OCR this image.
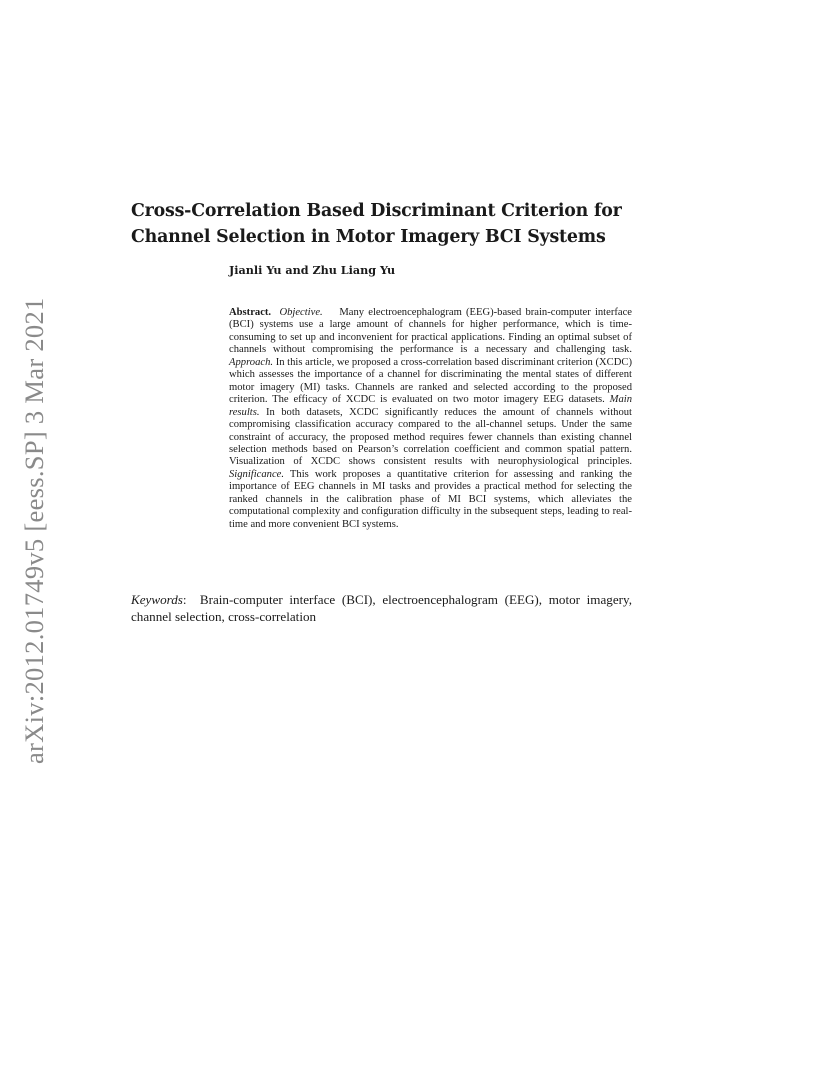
arXiv:2012.01749v5 [eess.SP] 3 Mar 2021
Cross-Correlation Based Discriminant Criterion for
Channel Selection in Motor Imagery BCI Systems

Jianli Yu and Zhu Liang Yu

Abstract. Objective. Many electroencephalogram (EEG)-based brain-computer interface (BCI) systems use a large amount of channels for higher performance, which is time-consuming to set up and inconvenient for practical applications. Finding an optimal subset of channels without compromising the performance is a necessary and challenging task. Approach. In this article, we proposed a cross-correlation based discriminant criterion (XCDC) which assesses the importance of a channel for discriminating the mental states of different motor imagery (MI) tasks. Channels are ranked and selected according to the proposed criterion. The efficacy of XCDC is evaluated on two motor imagery EEG datasets. Main results. In both datasets, XCDC significantly reduces the amount of channels without compromising classification accuracy compared to the all-channel setups. Under the same constraint of accuracy, the proposed method requires fewer channels than existing channel selection methods based on Pearson’s correlation coefficient and common spatial pattern. Visualization of XCDC shows consistent results with neurophysiological principles. Significance. This work proposes a quantitative criterion for assessing and ranking the importance of EEG channels in MI tasks and provides a practical method for selecting the ranked channels in the calibration phase of MI BCI systems, which alleviates the computational complexity and configuration difficulty in the subsequent steps, leading to real-time and more convenient BCI systems.

Keywords:  Brain-computer interface (BCI), electroencephalogram (EEG), motor imagery, channel selection, cross-correlation
